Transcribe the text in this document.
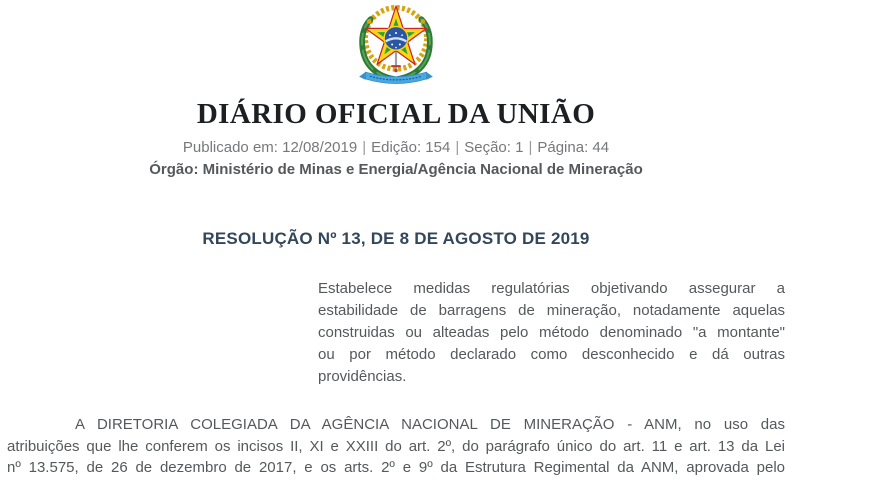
DIÁRIO OFICIAL DA UNIÃO
Publicado em: 12/08/2019 | Edição: 154 | Seção: 1 | Página: 44
Órgão: Ministério de Minas e Energia/Agência Nacional de Mineração
RESOLUÇÃO Nº 13, DE 8 DE AGOSTO DE 2019
Estabelece medidas regulatórias objetivando assegurar a
estabilidade de barragens de mineração, notadamente aquelas
construidas ou alteadas pelo método denominado "a montante"
ou por método declarado como desconhecido e dá outras
providências.
A DIRETORIA COLEGIADA DA AGÊNCIA NACIONAL DE MINERAÇÃO - ANM, no uso das
atribuições que lhe conferem os incisos II, XI e XXIII do art. 2º, do parágrafo único do art. 11 e art. 13 da Lei
nº 13.575, de 26 de dezembro de 2017, e os arts. 2º e 9º da Estrutura Regimental da ANM, aprovada pelo
